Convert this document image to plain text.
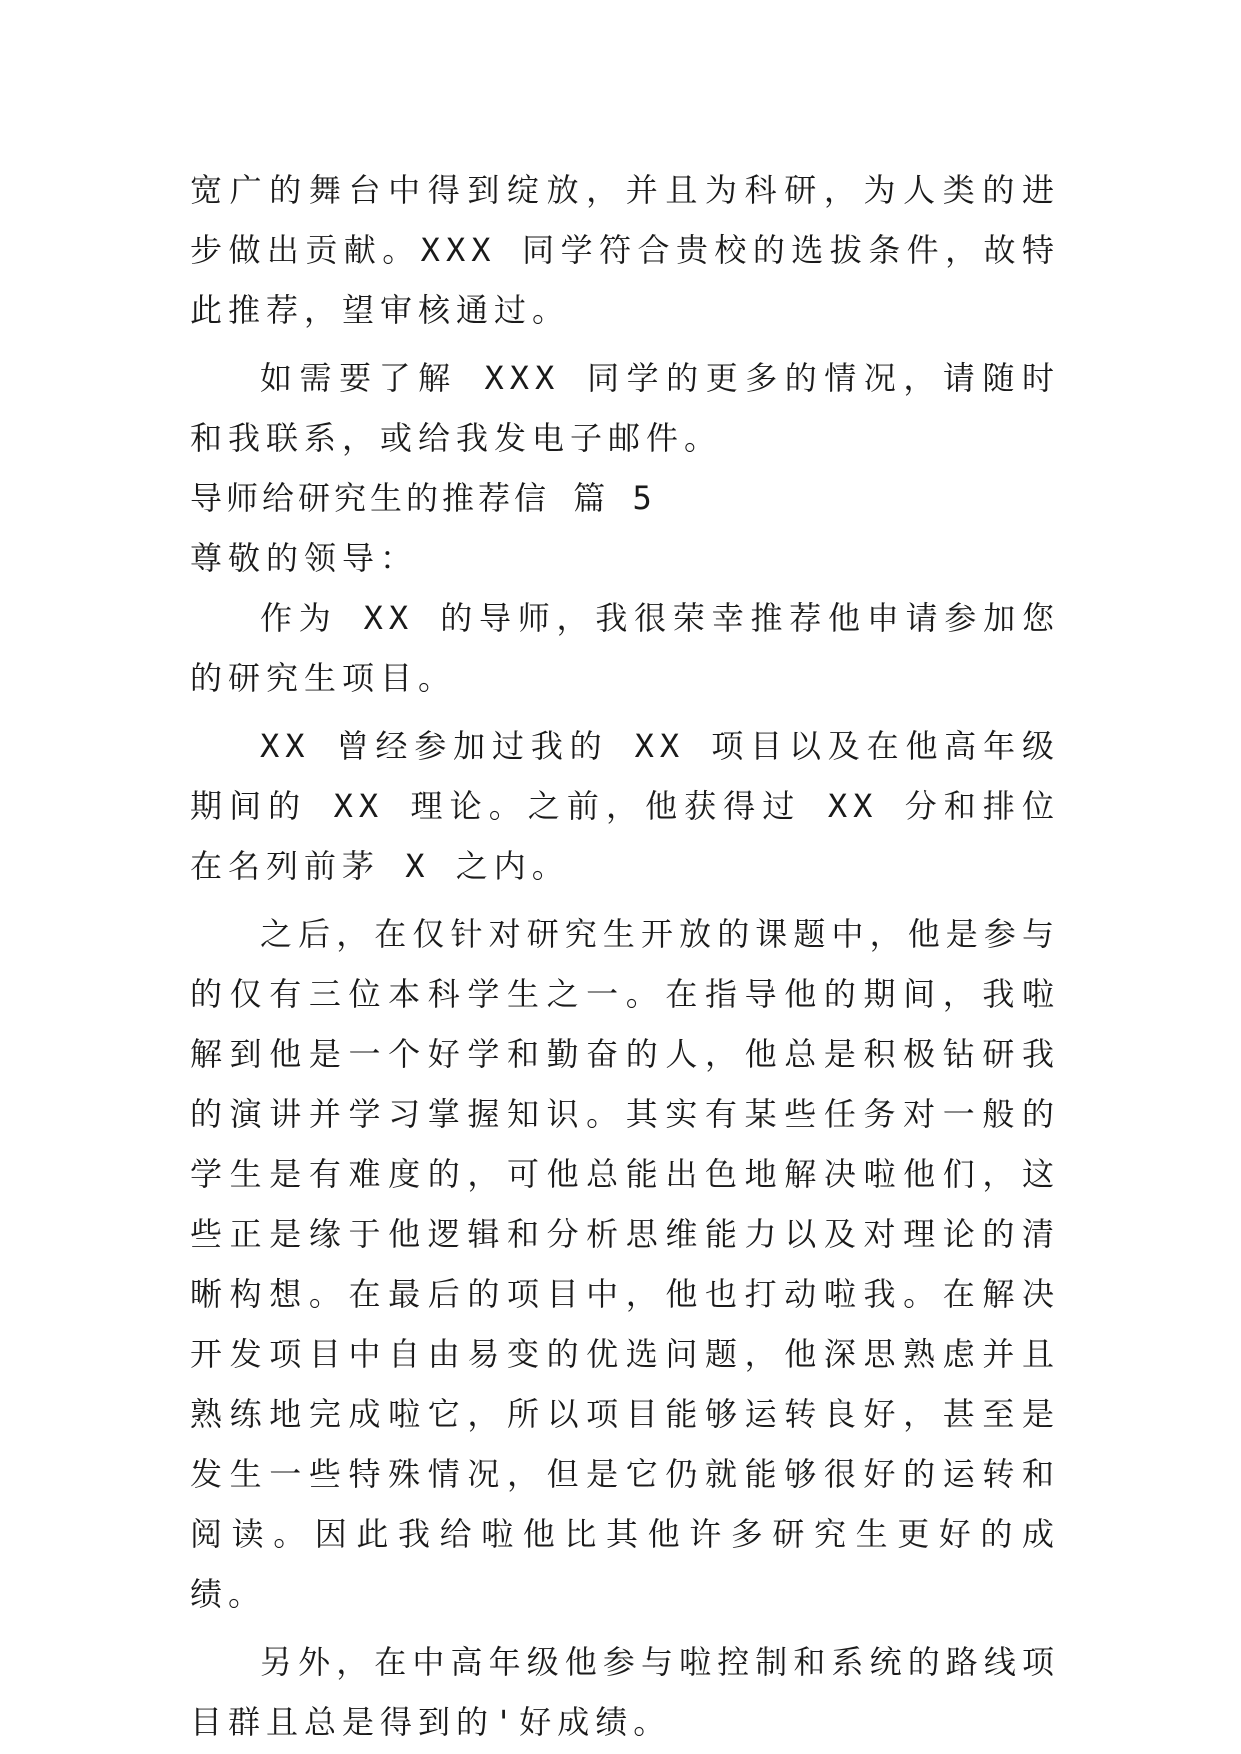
宽广的舞台中得到绽放，并且为科研，为人类的进步做出贡献。XXX 同学符合贵校的选拔条件，故特此推荐，望审核通过。

如需要了解 XXX 同学的更多的情况，请随时和我联系，或给我发电子邮件。

导师给研究生的推荐信 篇 5

尊敬的领导：

作为 XX 的导师，我很荣幸推荐他申请参加您的研究生项目。

XX 曾经参加过我的 XX 项目以及在他高年级期间的 XX 理论。之前，他获得过 XX 分和排位在名列前茅 X 之内。

之后，在仅针对研究生开放的课题中，他是参与的仅有三位本科学生之一。在指导他的期间，我啦解到他是一个好学和勤奋的人，他总是积极钻研我的演讲并学习掌握知识。其实有某些任务对一般的学生是有难度的，可他总能出色地解决啦他们，这些正是缘于他逻辑和分析思维能力以及对理论的清晰构想。在最后的项目中，他也打动啦我。在解决开发项目中自由易变的优选问题，他深思熟虑并且熟练地完成啦它，所以项目能够运转良好，甚至是发生一些特殊情况，但是它仍就能够很好的运转和阅读。因此我给啦他比其他许多研究生更好的成绩。

另外，在中高年级他参与啦控制和系统的路线项目群且总是得到的'好成绩。
